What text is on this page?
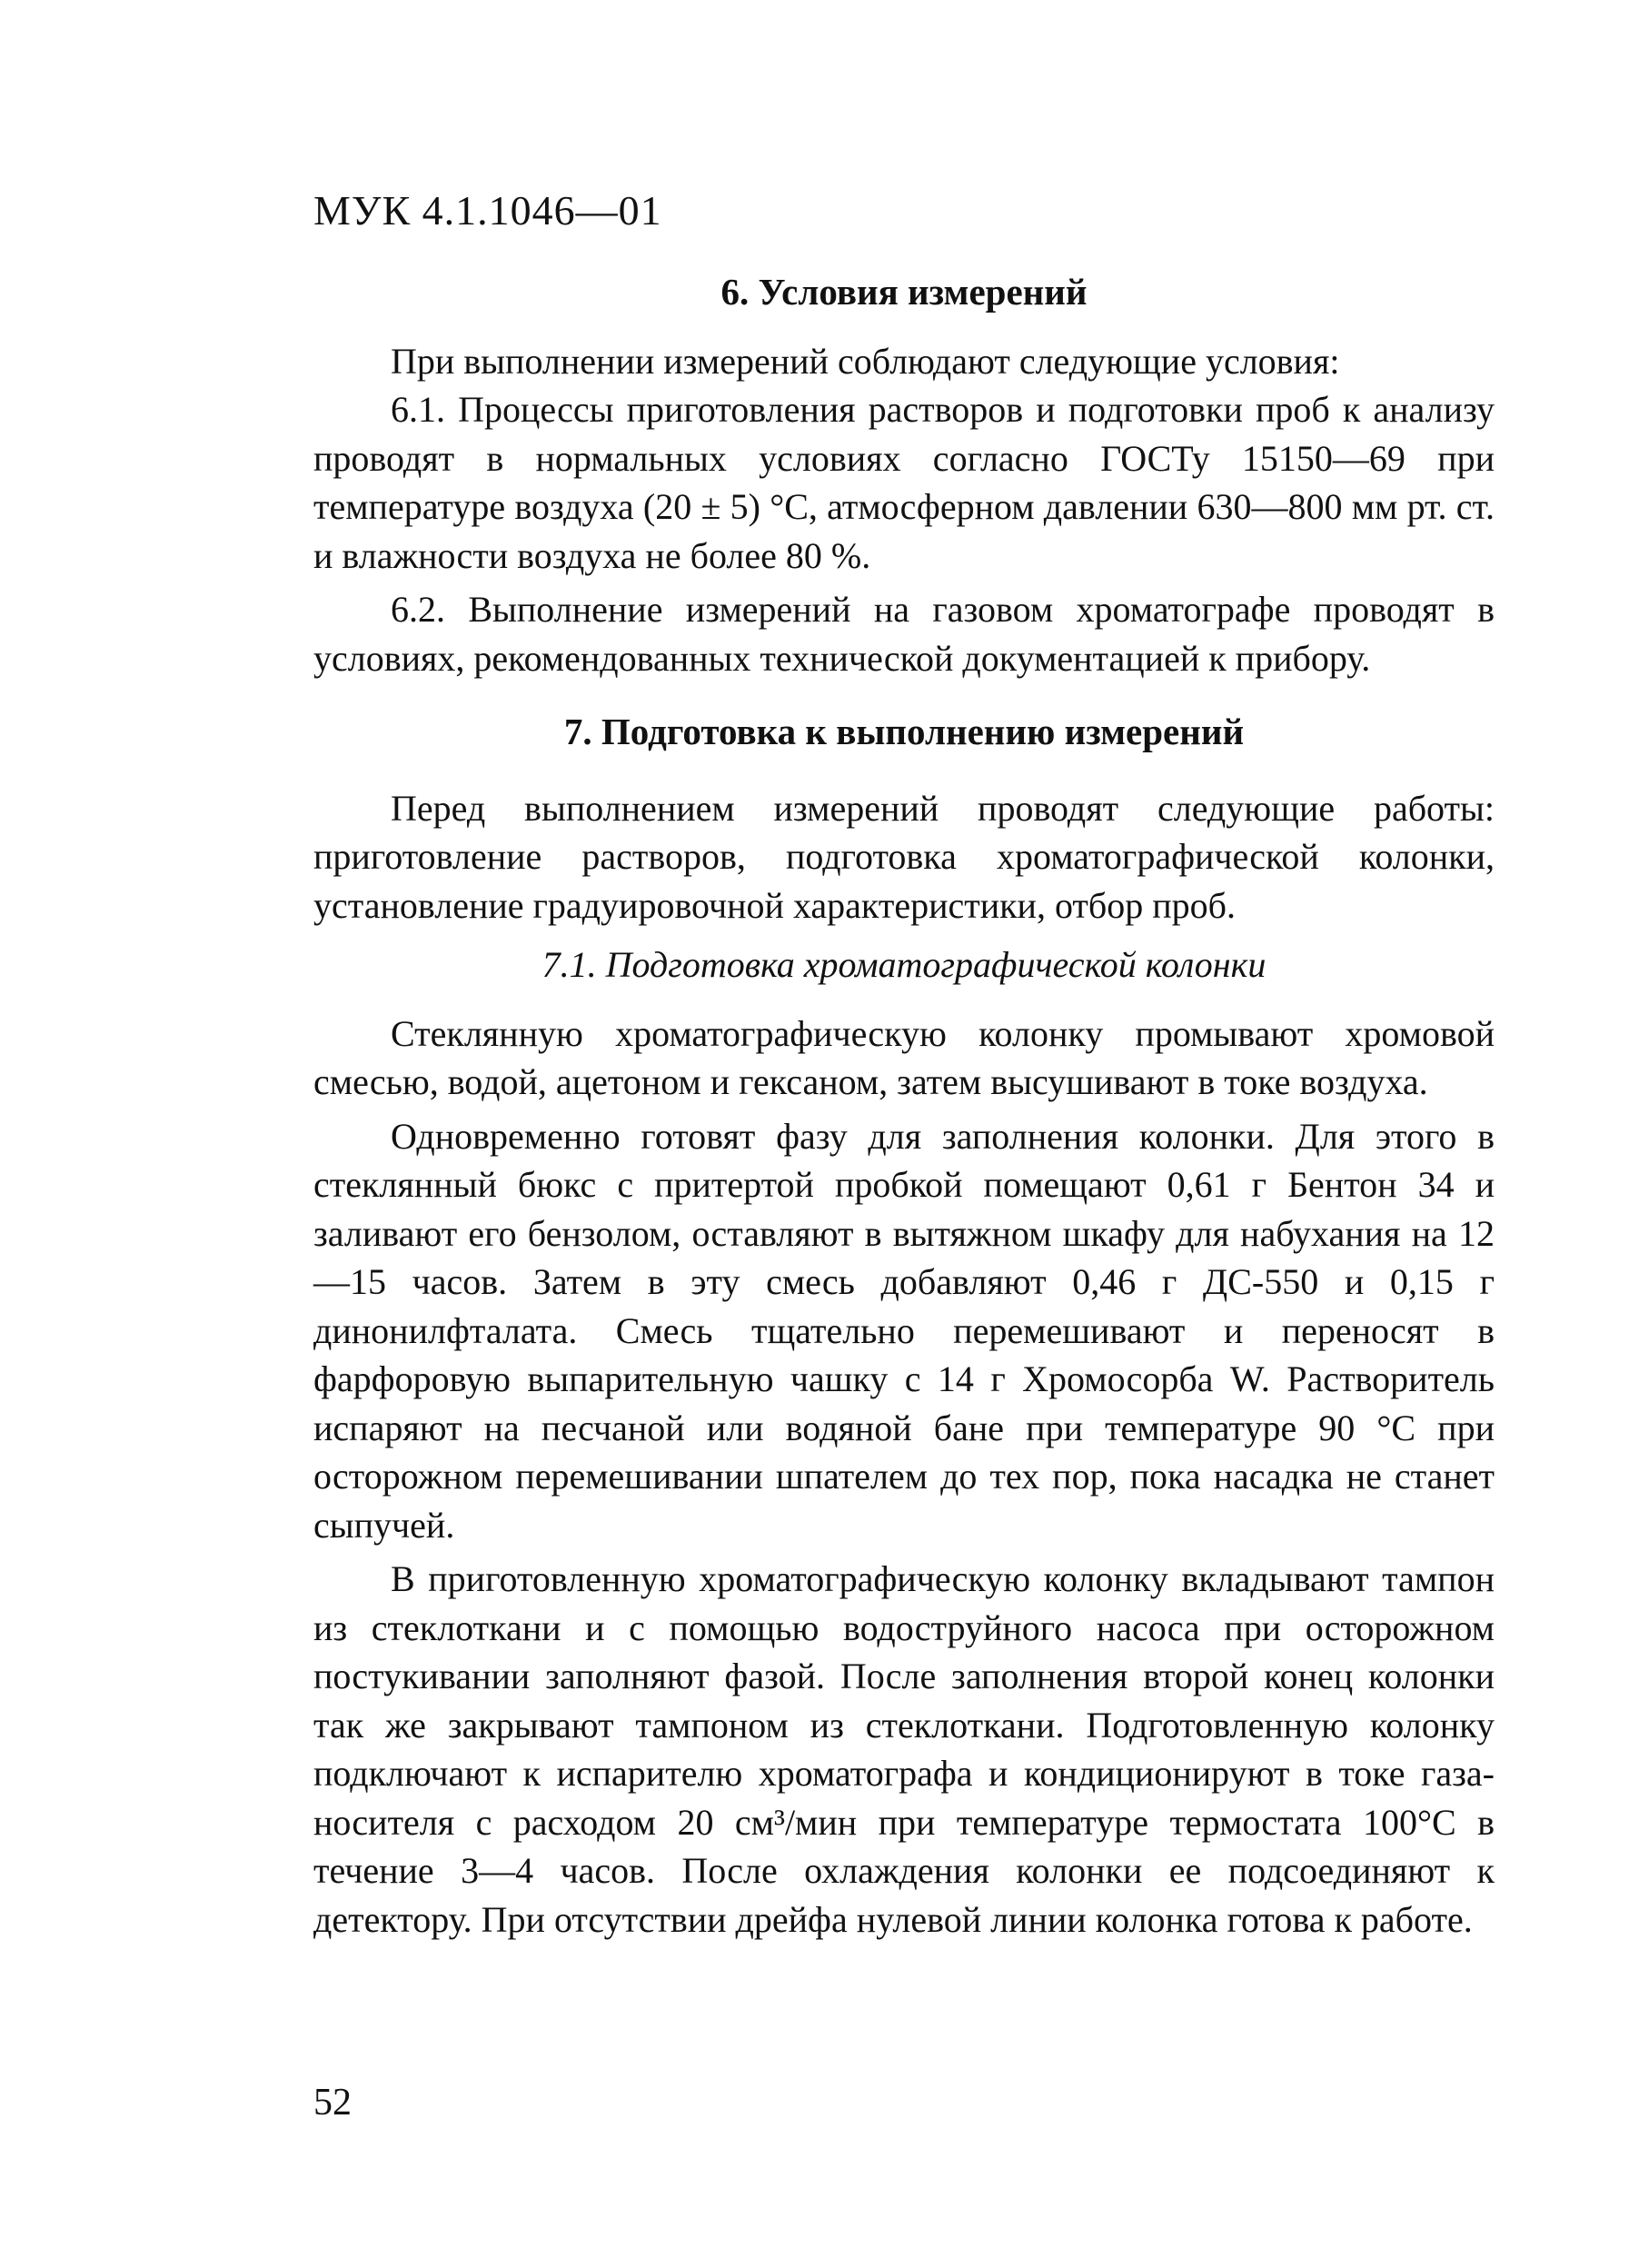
МУК 4.1.1046—01
6. Условия измерений

При выполнении измерений соблюдают следующие условия:

6.1. Процессы приготовления растворов и подготовки проб к анализу проводят в нормальных условиях согласно ГОСТу 15150—69 при температуре воздуха (20 ± 5) °С, атмосферном давлении 630—800 мм рт. ст. и влажности воздуха не более 80 %.

6.2. Выполнение измерений на газовом хроматографе проводят в условиях, рекомендованных технической документацией к прибору.

7. Подготовка к выполнению измерений

Перед выполнением измерений проводят следующие работы: приготовление растворов, подготовка хроматографической колонки, установление градуировочной характеристики, отбор проб.

7.1. Подготовка хроматографической колонки

Стеклянную хроматографическую колонку промывают хромовой смесью, водой, ацетоном и гексаном, затем высушивают в токе воздуха.

Одновременно готовят фазу для заполнения колонки. Для этого в стеклянный бюкс с притертой пробкой помещают 0,61 г Бентон 34 и заливают его бензолом, оставляют в вытяжном шкафу для набухания на 12—15 часов. Затем в эту смесь добавляют 0,46 г ДС-550 и 0,15 г динонилфталата. Смесь тщательно перемешивают и переносят в фарфоровую выпарительную чашку с 14 г Хромосорба W. Растворитель испаряют на песчаной или водяной бане при температуре 90 °С при осторожном перемешивании шпателем до тех пор, пока насадка не станет сыпучей.

В приготовленную хроматографическую колонку вкладывают тампон из стеклоткани и с помощью водоструйного насоса при осторожном постукивании заполняют фазой. После заполнения второй конец колонки так же закрывают тампоном из стеклоткани. Подготовленную колонку подключают к испарителю хроматографа и кондиционируют в токе газа-носителя с расходом 20 см³/мин при температуре термостата 100°С в течение 3—4 часов. После охлаждения колонки ее подсоединяют к детектору. При отсутствии дрейфа нулевой линии колонка готова к работе.

52
